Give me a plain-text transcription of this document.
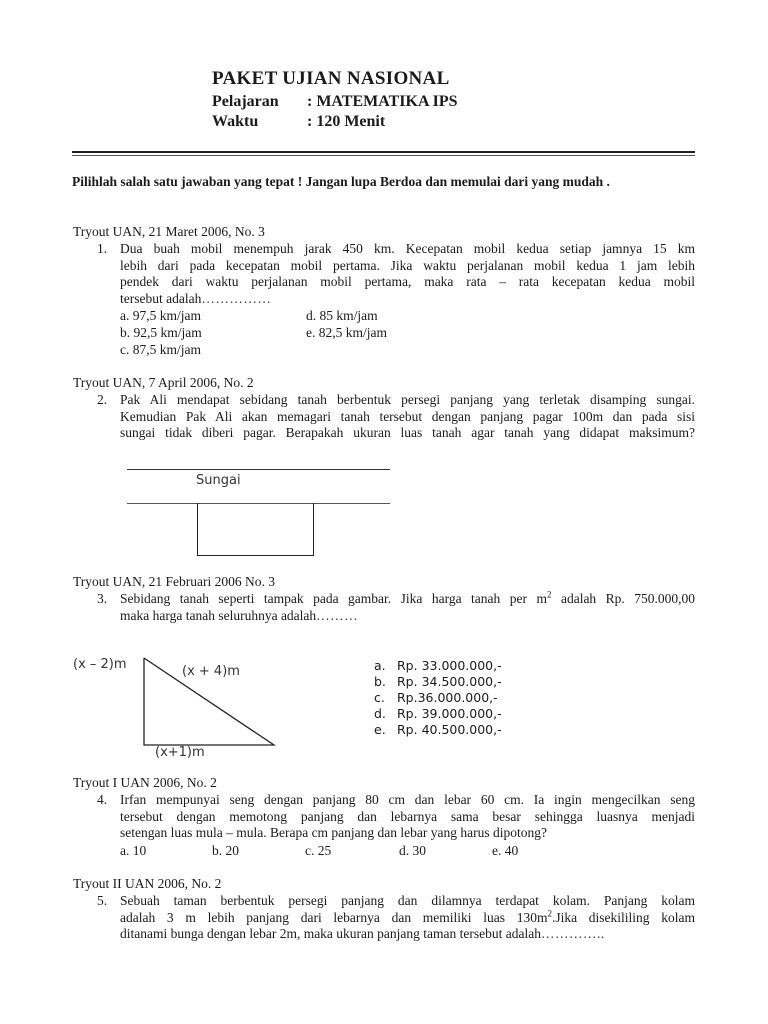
PAKET UJIAN NASIONAL
Pelajaran : MATEMATIKA IPS
Waktu	: 120 Menit
Pilihlah salah satu jawaban yang tepat ! Jangan lupa Berdoa dan memulai dari yang mudah .
Tryout UAN, 21 Maret 2006, No. 3
1. Dua buah mobil menempuh jarak 450 km. Kecepatan mobil kedua setiap jamnya 15 km
lebih dari pada kecepatan mobil pertama. Jika waktu perjalanan mobil kedua 1 jam lebih
pendek dari waktu perjalanan mobil pertama, maka rata – rata kecepatan kedua mobil
tersebut adalah……………
a. 97,5 km/jam
b. 92,5 km/jam
c. 87,5 km/jam
d. 85 km/jam
e. 82,5 km/jam
Tryout UAN, 7 April 2006, No. 2
2. Pak Ali mendapat sebidang tanah berbentuk persegi panjang yang terletak disamping sungai.
Kemudian Pak Ali akan memagari tanah tersebut dengan panjang pagar 100m dan pada sisi
sungai tidak diberi pagar. Berapakah ukuran luas tanah agar tanah yang didapat maksimum?
Sungai
Tryout UAN, 21 Februari 2006 No. 3
3. Sebidang tanah seperti tampak pada gambar. Jika harga tanah per $m^2$ adalah Rp. 750.000,00
maka harga tanah seluruhnya adalah………
(x – 2)m	(x + 4)m
(x+1)m
a. Rp. 33.000.000,-
b. Rp. 34.500.000,-
c. Rp.36.000.000,-
d. Rp. 39.000.000,-
e. Rp. 40.500.000,-
Tryout I UAN 2006, No. 2
4. Irfan mempunyai seng dengan panjang 80 cm dan lebar 60 cm. Ia ingin mengecilkan seng
tersebut dengan memotong panjang dan lebarnya sama besar sehingga luasnya menjadi
setengan luas mula – mula. Berapa cm panjang dan lebar yang harus dipotong?
a. 10	b. 20	c. 25	d. 30	e. 40
Tryout II UAN 2006, No. 2
5. Sebuah taman berbentuk persegi panjang dan dilamnya terdapat kolam. Panjang kolam
adalah 3 m lebih panjang dari lebarnya dan memiliki luas $130m^2.Jika$ disekililing kolam
ditanami bunga dengan lebar 2m, maka ukuran panjang taman tersebut adalah…………..
